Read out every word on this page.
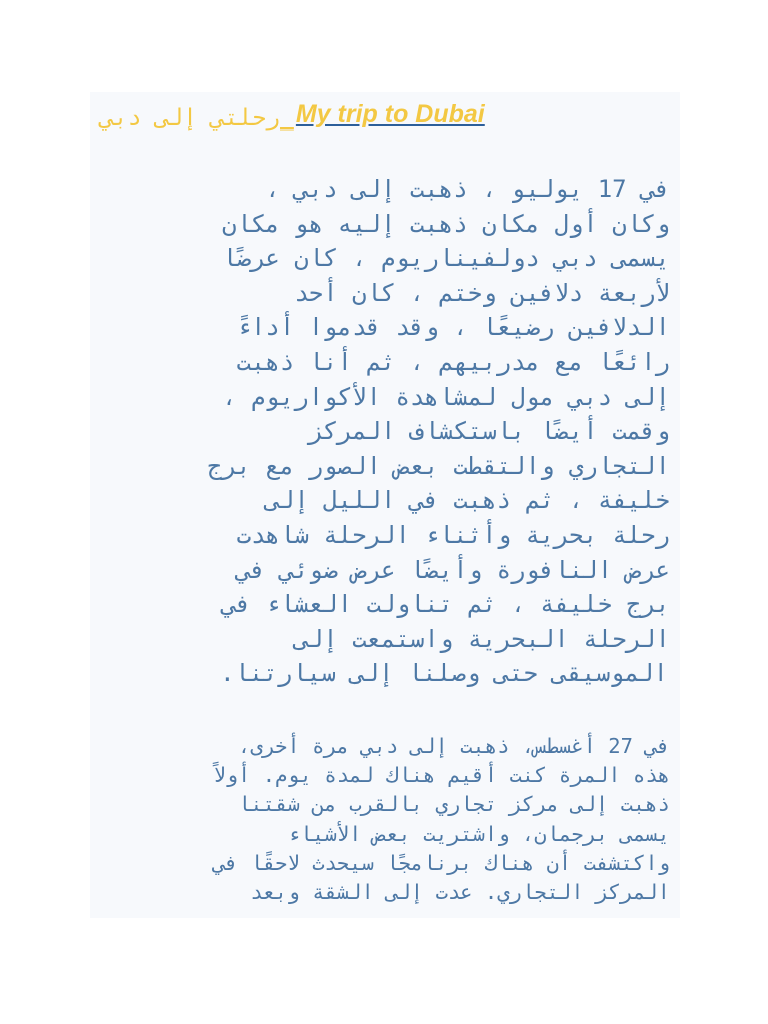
رحلتي إلى دبي _ My trip to Dubai
في 17 يوليو ، ذهبت إلى دبي ،
وكان أول مكان ذهبت إليه هو مكان
يسمى دبي دولفيناريوم ، كان عرضًا
لأربعة دلافين وختم ، كان أحد
الدلافين رضيعًا ، وقد قدموا أداءً
رائعًا مع مدربيهم ، ثم أنا ذهبت
إلى دبي مول لمشاهدة الأكواريوم ،
وقمت أيضًا باستكشاف المركز
التجاري والتقطت بعض الصور مع برج
خليفة ، ثم ذهبت في الليل إلى
رحلة بحرية وأثناء الرحلة شاهدت
عرض النافورة وأيضًا عرض ضوئي في
برج خليفة ، ثم تناولت العشاء في
الرحلة البحرية واستمعت إلى
الموسيقى حتى وصلنا إلى سيارتنا.
في 27 أغسطس، ذهبت إلى دبي مرة أخرى،
هذه المرة كنت أقيم هناك لمدة يوم. أولاً
ذهبت إلى مركز تجاري بالقرب من شقتنا
يسمى برجمان، واشتريت بعض الأشياء
واكتشفت أن هناك برنامجًا سيحدث لاحقًا في
المركز التجاري. عدت إلى الشقة وبعد
